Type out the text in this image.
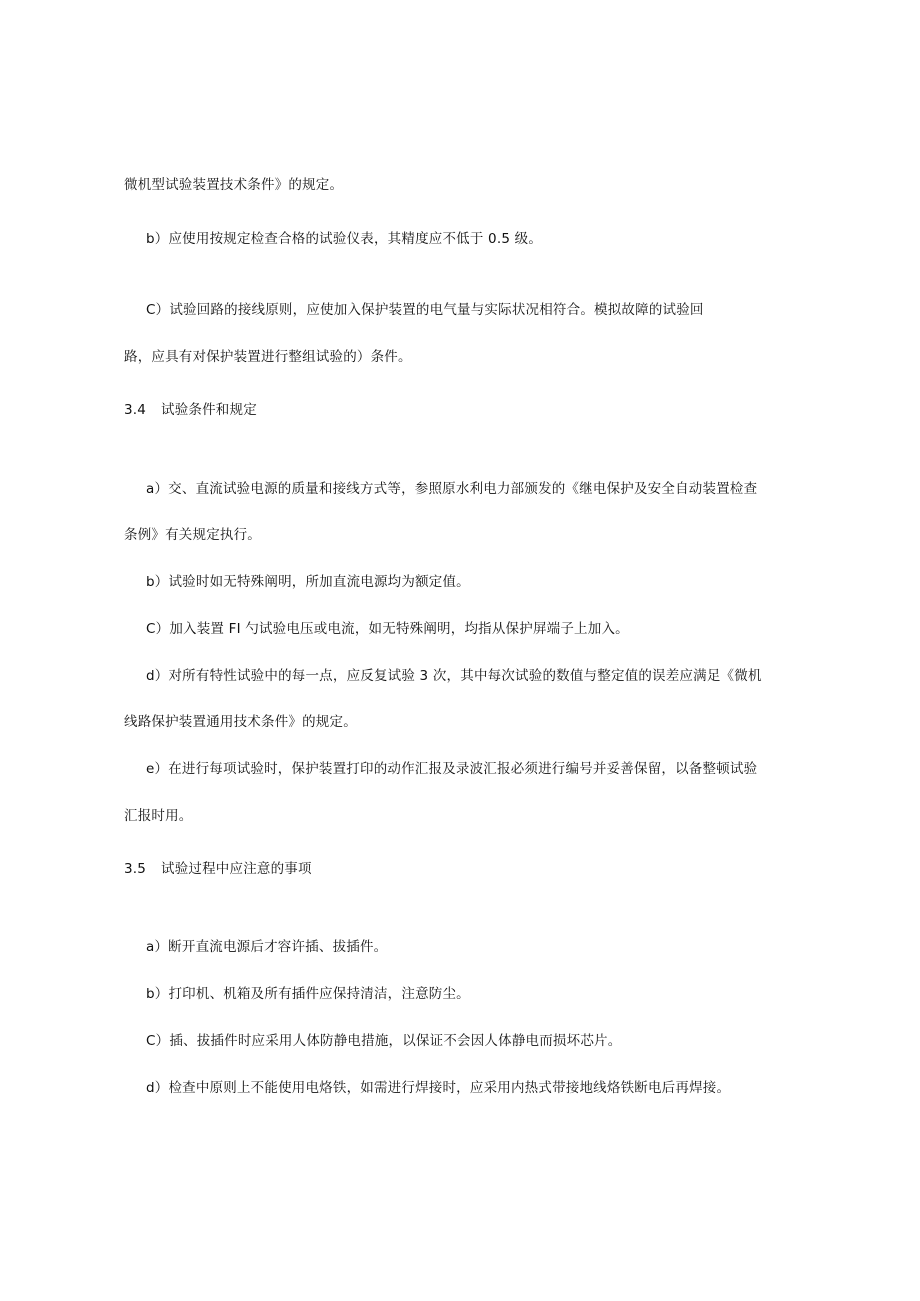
微机型试验装置技术条件》的规定。
b）应使用按规定检查合格的试验仪表，其精度应不低于 0.5 级。
C）试验回路的接线原则，应使加入保护装置的电气量与实际状况相符合。模拟故障的试验回
路，应具有对保护装置进行整组试验的）条件。
3.4 试验条件和规定
a）交、直流试验电源的质量和接线方式等，参照原水利电力部颁发的《继电保护及安全自动装置检查
条例》有关规定执行。
b）试验时如无特殊阐明，所加直流电源均为额定值。
C）加入装置 FI 勺试验电压或电流，如无特殊阐明，均指从保护屏端子上加入。
d）对所有特性试验中的每一点，应反复试验 3 次，其中每次试验的数值与整定值的误差应满足《微机
线路保护装置通用技术条件》的规定。
e）在进行每项试验时，保护装置打印的动作汇报及录波汇报必须进行编号并妥善保留，以备整顿试验
汇报时用。
3.5 试验过程中应注意的事项
a）断开直流电源后才容许插、拔插件。
b）打印机、机箱及所有插件应保持清洁，注意防尘。
C）插、拔插件时应采用人体防静电措施，以保证不会因人体静电而损坏芯片。
d）检查中原则上不能使用电烙铁，如需进行焊接时，应采用内热式带接地线烙铁断电后再焊接。
